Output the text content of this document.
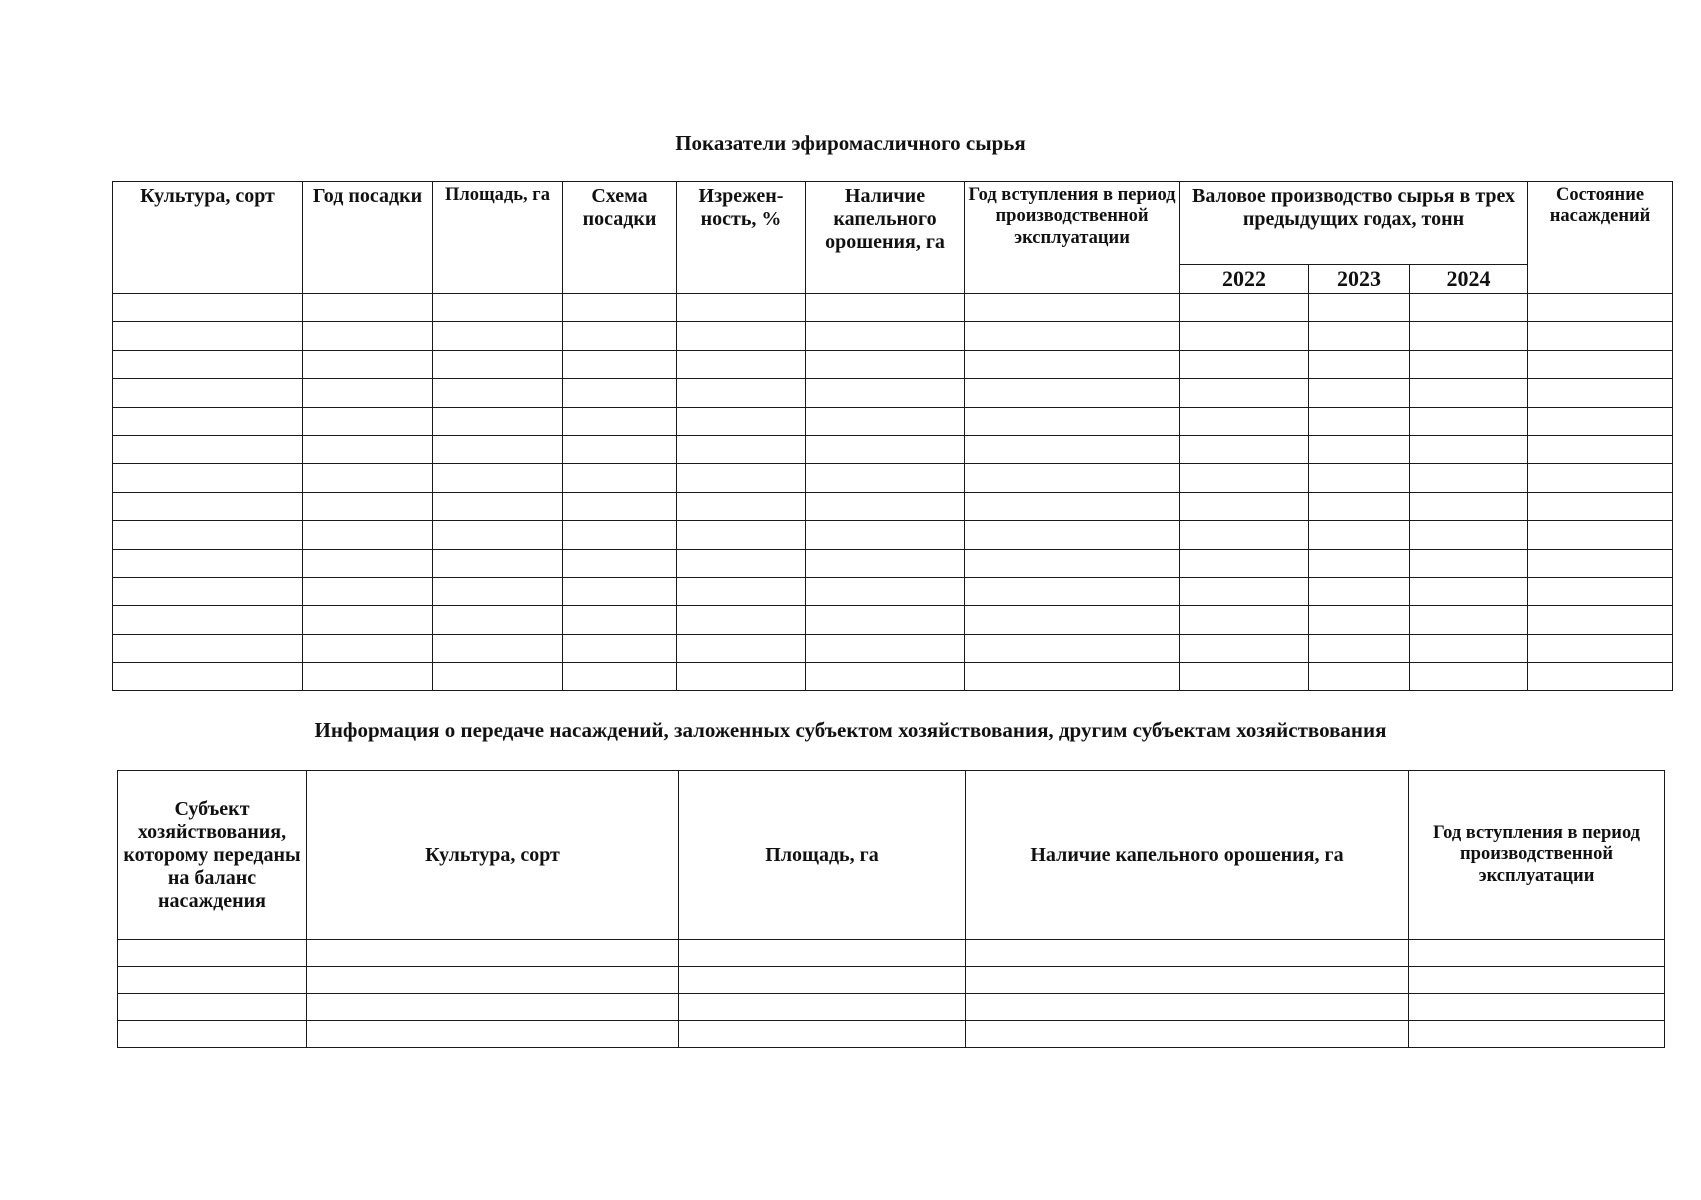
Показатели эфиромасличного сырья
Культура, сорт	Год посадки	Площадь, га	Схема посадки	Изрежен-ность, %	Наличие капельного орошения, га	Год вступления в период производственной эксплуатации	Валовое производство сырья в трех предыдущих годах, тонн			Состояние насаждений
							2022	2023	2024	

Информация о передаче насаждений, заложенных субъектом хозяйствования, другим субъектам хозяйствования
Субъект хозяйствования, которому переданы на баланс насаждения	Культура, сорт	Площадь, га	Наличие капельного орошения, га	Год вступления в период производственной эксплуатации
